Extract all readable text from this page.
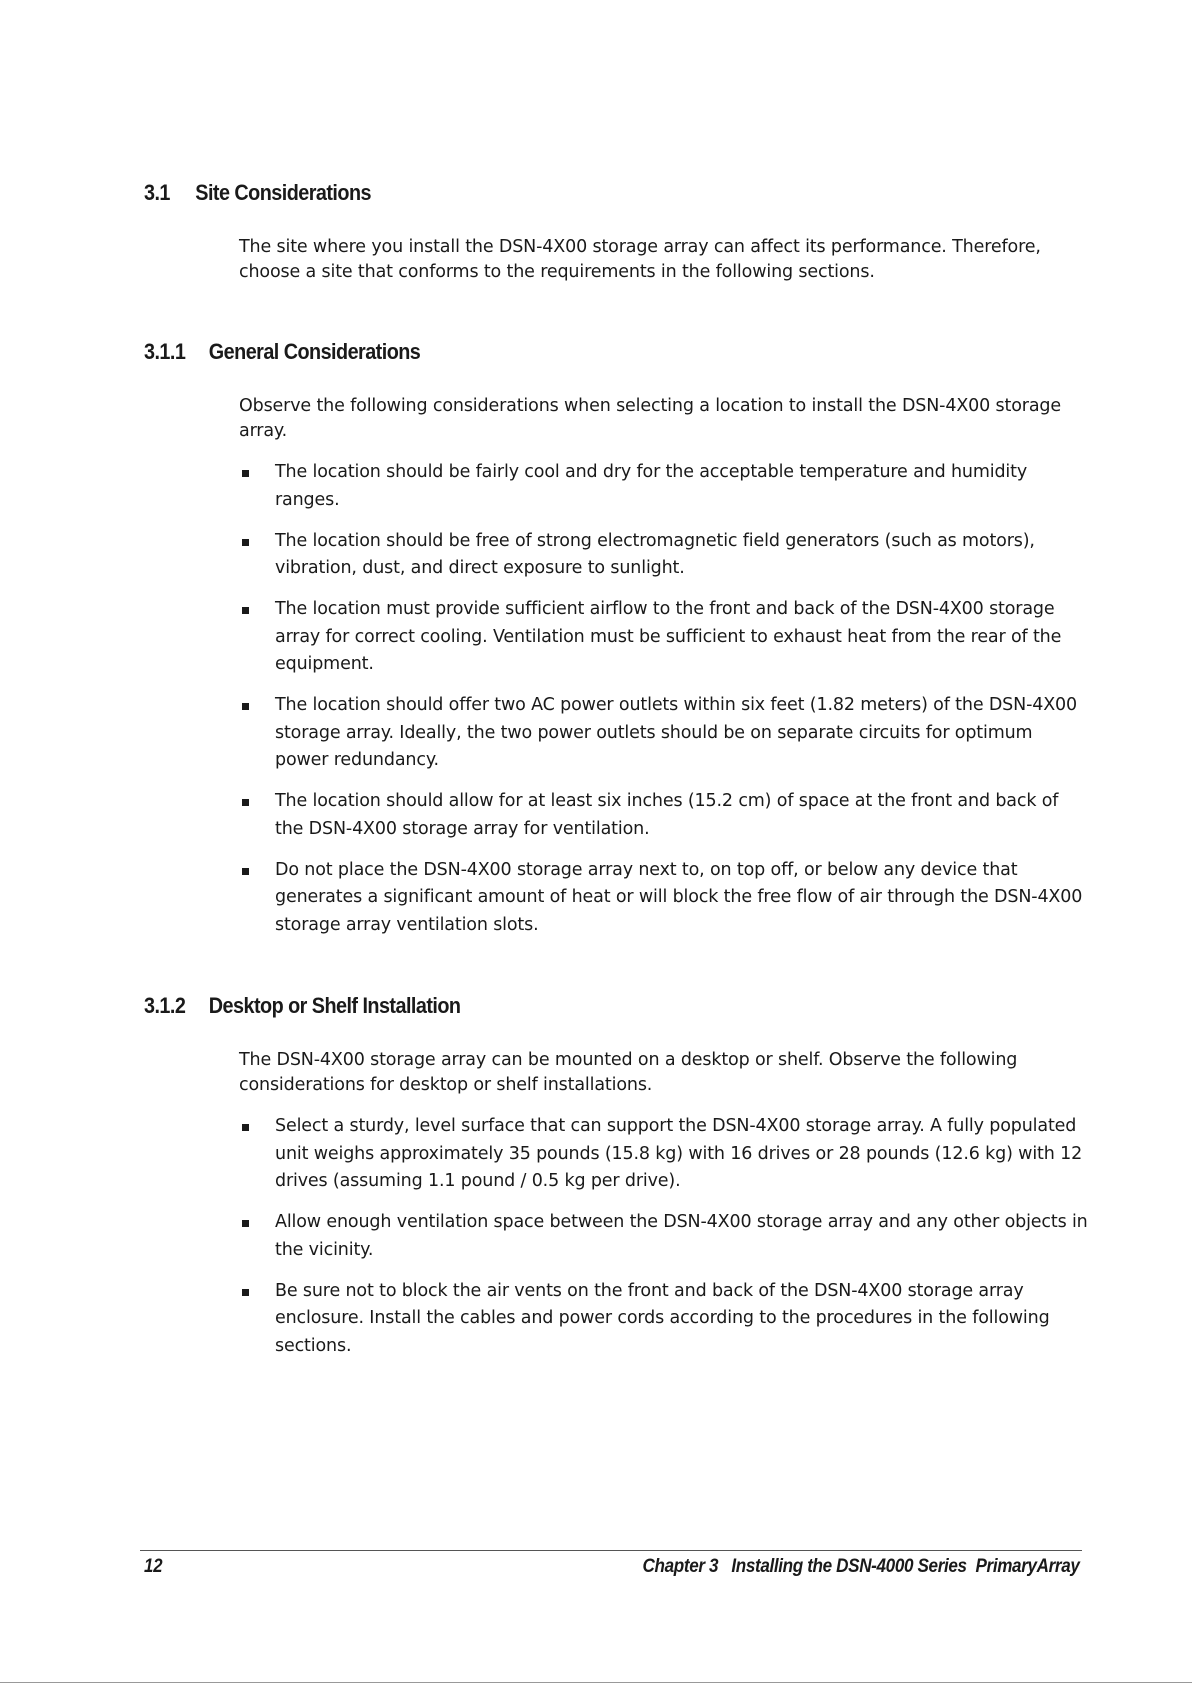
3.1 Site Considerations
The site where you install the DSN-4X00 storage array can affect its performance. Therefore, choose a site that conforms to the requirements in the following sections.
3.1.1 General Considerations
Observe the following considerations when selecting a location to install the DSN-4X00 storage array.
The location should be fairly cool and dry for the acceptable temperature and humidity ranges.
The location should be free of strong electromagnetic field generators (such as motors), vibration, dust, and direct exposure to sunlight.
The location must provide sufficient airflow to the front and back of the DSN-4X00 storage array for correct cooling. Ventilation must be sufficient to exhaust heat from the rear of the equipment.
The location should offer two AC power outlets within six feet (1.82 meters) of the DSN-4X00 storage array. Ideally, the two power outlets should be on separate circuits for optimum power redundancy.
The location should allow for at least six inches (15.2 cm) of space at the front and back of the DSN-4X00 storage array for ventilation.
Do not place the DSN-4X00 storage array next to, on top off, or below any device that generates a significant amount of heat or will block the free flow of air through the DSN-4X00 storage array ventilation slots.
3.1.2 Desktop or Shelf Installation
The DSN-4X00 storage array can be mounted on a desktop or shelf. Observe the following considerations for desktop or shelf installations.
Select a sturdy, level surface that can support the DSN-4X00 storage array. A fully populated unit weighs approximately 35 pounds (15.8 kg) with 16 drives or 28 pounds (12.6 kg) with 12 drives (assuming 1.1 pound / 0.5 kg per drive).
Allow enough ventilation space between the DSN-4X00 storage array and any other objects in the vicinity.
Be sure not to block the air vents on the front and back of the DSN-4X00 storage array enclosure. Install the cables and power cords according to the procedures in the following sections.
12	Chapter 3   Installing the DSN-4000 Series  PrimaryArray
